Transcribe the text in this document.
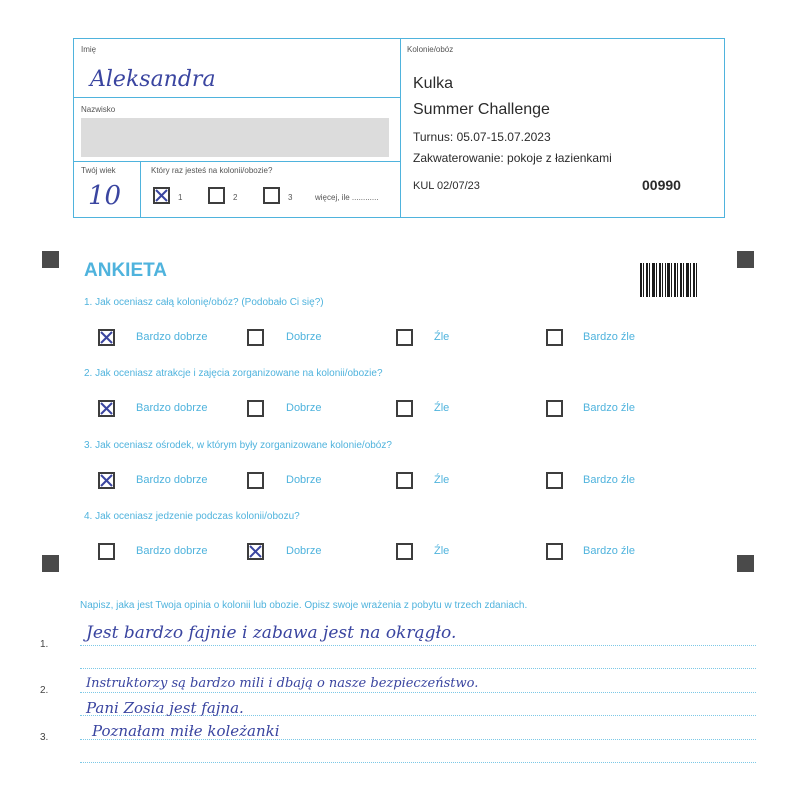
Imię
Aleksandra
Nazwisko
Twój wiek
10
Który raz jesteś na kolonii/obozie?
1	2	3	więcej, ile ............
Kolonie/obóz
Kulka
Summer Challenge
Turnus: 05.07-15.07.2023
Zakwaterowanie: pokoje z łazienkami
KUL 02/07/23	00990
ANKIETA
1. Jak oceniasz całą kolonię/obóz? (Podobało Ci się?)
Bardzo dobrze	Dobrze	Źle	Bardzo źle
2. Jak oceniasz atrakcje i zajęcia zorganizowane na kolonii/obozie?
Bardzo dobrze	Dobrze	Źle	Bardzo źle
3. Jak oceniasz ośrodek, w którym były zorganizowane kolonie/obóz?
Bardzo dobrze	Dobrze	Źle	Bardzo źle
4. Jak oceniasz jedzenie podczas kolonii/obozu?
Bardzo dobrze	Dobrze	Źle	Bardzo źle
Napisz, jaka jest Twoja opinia o kolonii lub obozie. Opisz swoje wrażenia z pobytu w trzech zdaniach.
1.
2.
3.
Jest bardzo fajnie i zabawa jest na okrągło.
Instruktorzy są bardzo mili i dbają o nasze bezpieczeństwo.
Pani Zosia jest fajna.
Poznałam miłe koleżanki
